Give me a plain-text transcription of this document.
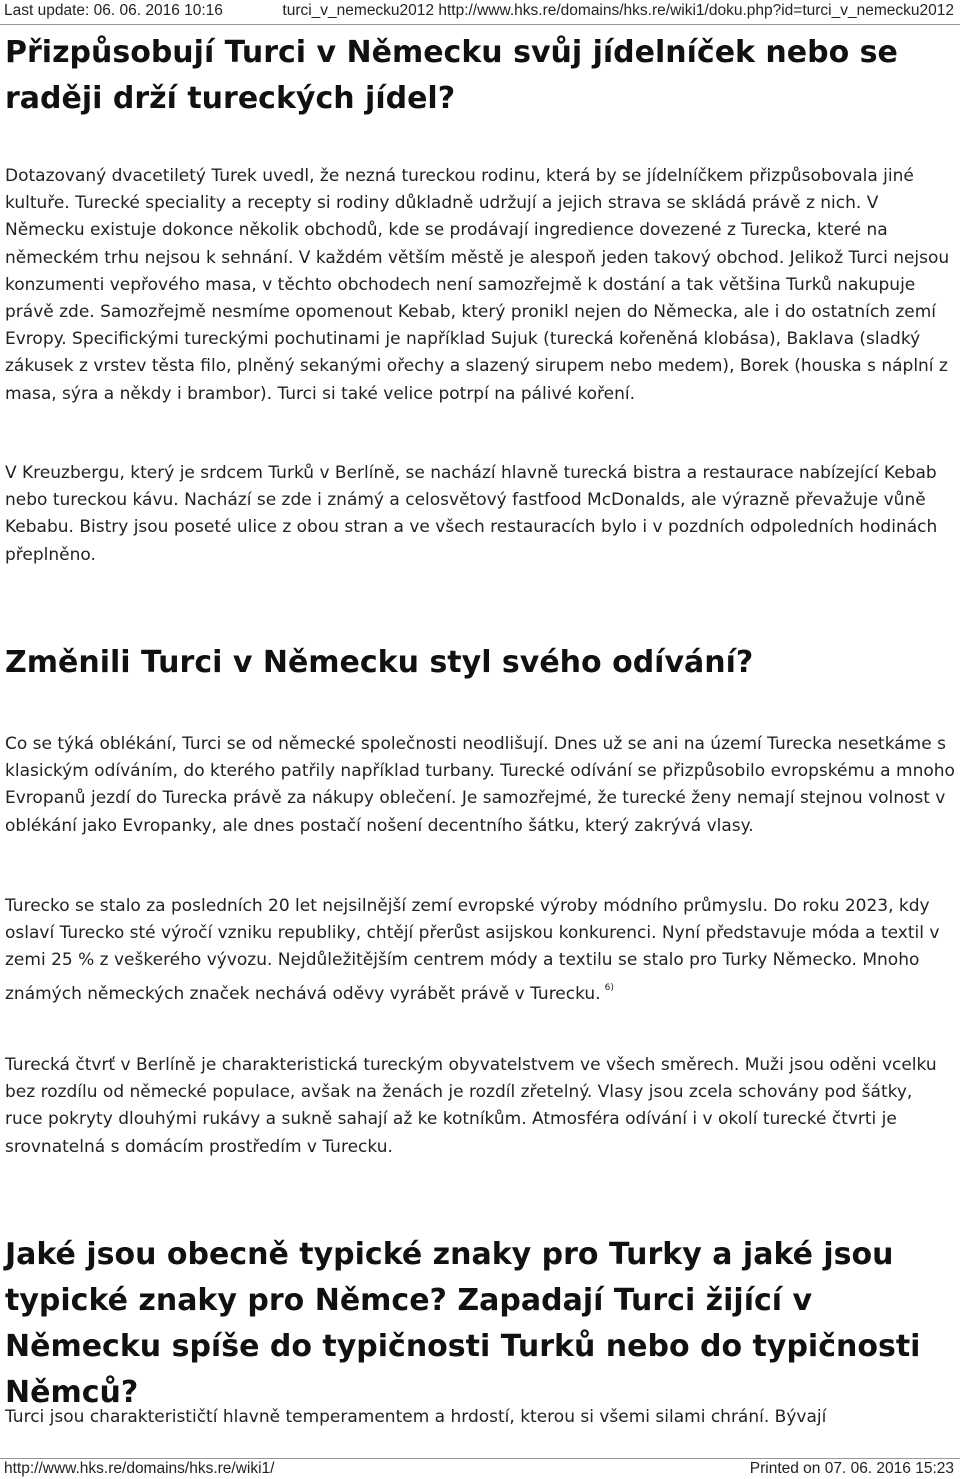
Last update: 06. 06. 2016 10:16	turci_v_nemecku2012 http://www.hks.re/domains/hks.re/wiki1/doku.php?id=turci_v_nemecku2012
Přizpůsobují Turci v Německu svůj jídelníček nebo se raději drží tureckých jídel?

Dotazovaný dvacetiletý Turek uvedl, že nezná tureckou rodinu, která by se jídelníčkem přizpůsobovala jiné kultuře. Turecké speciality a recepty si rodiny důkladně udržují a jejich strava se skládá právě z nich. V Německu existuje dokonce několik obchodů, kde se prodávají ingredience dovezené z Turecka, které na německém trhu nejsou k sehnání. V každém větším městě je alespoň jeden takový obchod. Jelikož Turci nejsou konzumenti vepřového masa, v těchto obchodech není samozřejmě k dostání a tak většina Turků nakupuje právě zde. Samozřejmě nesmíme opomenout Kebab, který pronikl nejen do Německa, ale i do ostatních zemí Evropy. Specifickými tureckými pochutinami je například Sujuk (turecká kořeněná klobása), Baklava (sladký zákusek z vrstev těsta filo, plněný sekanými ořechy a slazený sirupem nebo medem), Borek (houska s náplní z masa, sýra a někdy i brambor). Turci si také velice potrpí na pálivé koření.

V Kreuzbergu, který je srdcem Turků v Berlíně, se nachází hlavně turecká bistra a restaurace nabízející Kebab nebo tureckou kávu. Nachází se zde i známý a celosvětový fastfood McDonalds, ale výrazně převažuje vůně Kebabu. Bistry jsou poseté ulice z obou stran a ve všech restauracích bylo i v pozdních odpoledních hodinách přeplněno.

Změnili Turci v Německu styl svého odívání?

Co se týká oblékání, Turci se od německé společnosti neodlišují. Dnes už se ani na území Turecka nesetkáme s klasickým odíváním, do kterého patřily například turbany. Turecké odívání se přizpůsobilo evropskému a mnoho Evropanů jezdí do Turecka právě za nákupy oblečení. Je samozřejmé, že turecké ženy nemají stejnou volnost v oblékání jako Evropanky, ale dnes postačí nošení decentního šátku, který zakrývá vlasy.

Turecko se stalo za posledních 20 let nejsilnější zemí evropské výroby módního průmyslu. Do roku 2023, kdy oslaví Turecko sté výročí vzniku republiky, chtějí přerůst asijskou konkurenci. Nyní představuje móda a textil v zemi 25 % z veškerého vývozu. Nejdůležitějším centrem módy a textilu se stalo pro Turky Německo. Mnoho známých německých značek nechává oděvy vyrábět právě v Turecku. $^{6)}$

Turecká čtvrť v Berlíně je charakteristická tureckým obyvatelstvem ve všech směrech. Muži jsou oděni vcelku bez rozdílu od německé populace, avšak na ženách je rozdíl zřetelný. Vlasy jsou zcela schovány pod šátky, ruce pokryty dlouhými rukávy a sukně sahají až ke kotníkům. Atmosféra odívání i v okolí turecké čtvrti je srovnatelná s domácím prostředím v Turecku.

Jaké jsou obecně typické znaky pro Turky a jaké jsou typické znaky pro Němce? Zapadají Turci žijící v Německu spíše do typičnosti Turků nebo do typičnosti Němců?

Turci jsou charakterističtí hlavně temperamentem a hrdostí, kterou si všemi silami chrání. Bývají

http://www.hks.re/domains/hks.re/wiki1/	Printed on 07. 06. 2016 15:23
